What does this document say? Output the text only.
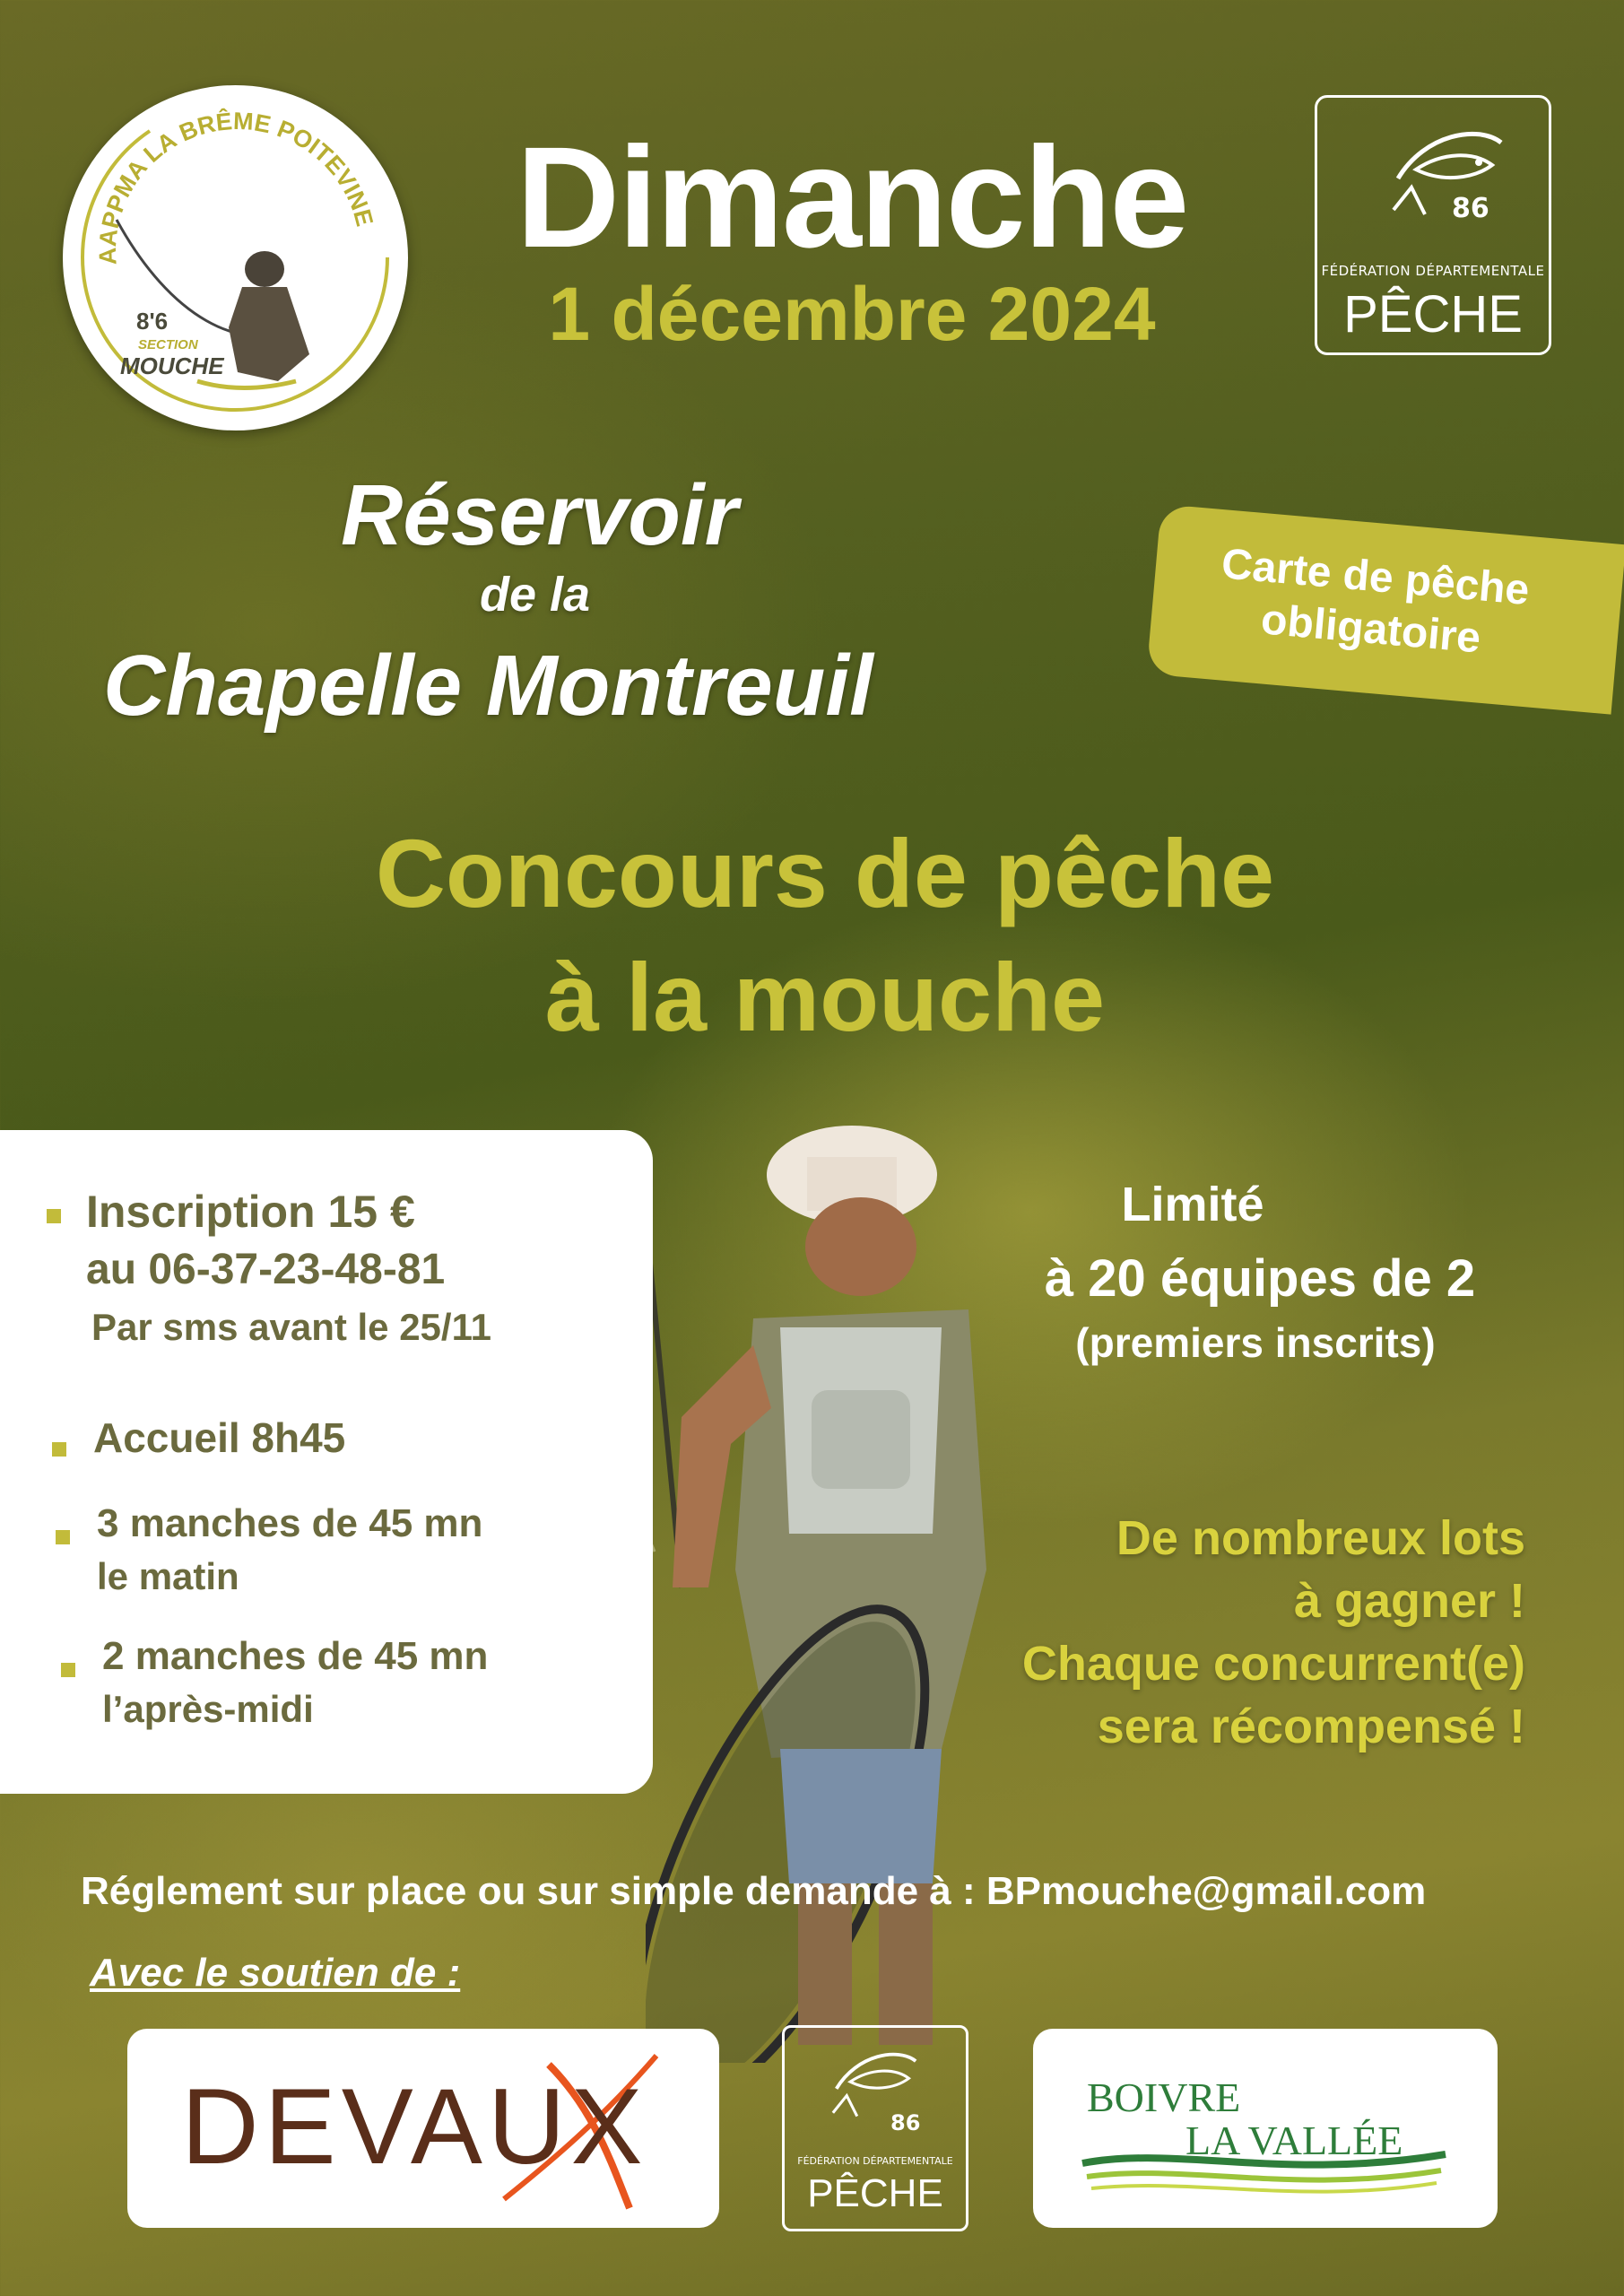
AAPPMA LA BRÊME POITEVINE
8'6
SECTION
MOUCHE
86
FÉDÉRATION DÉPARTEMENTALE
PÊCHE
Dimanche
1 décembre 2024
Réservoir
de la
Chapelle Montreuil
Carte de pêche
obligatoire
Concours de pêche
à la mouche
Inscription 15 €
au 06-37-23-48-81
Par sms avant le 25/11
Accueil 8h45
3 manches de 45 mn
le matin
2 manches de 45 mn
l’après-midi
Limité
à 20 équipes de 2
(premiers inscrits)
De nombreux lots
à gagner !
Chaque concurrent(e)
sera récompensé !
Réglement sur place ou sur simple demande à : BPmouche@gmail.com
Avec le soutien de :
DEVAUX	86
FÉDÉRATION DÉPARTEMENTALE
PÊCHE
BOIVRE
LA VALLÉE
